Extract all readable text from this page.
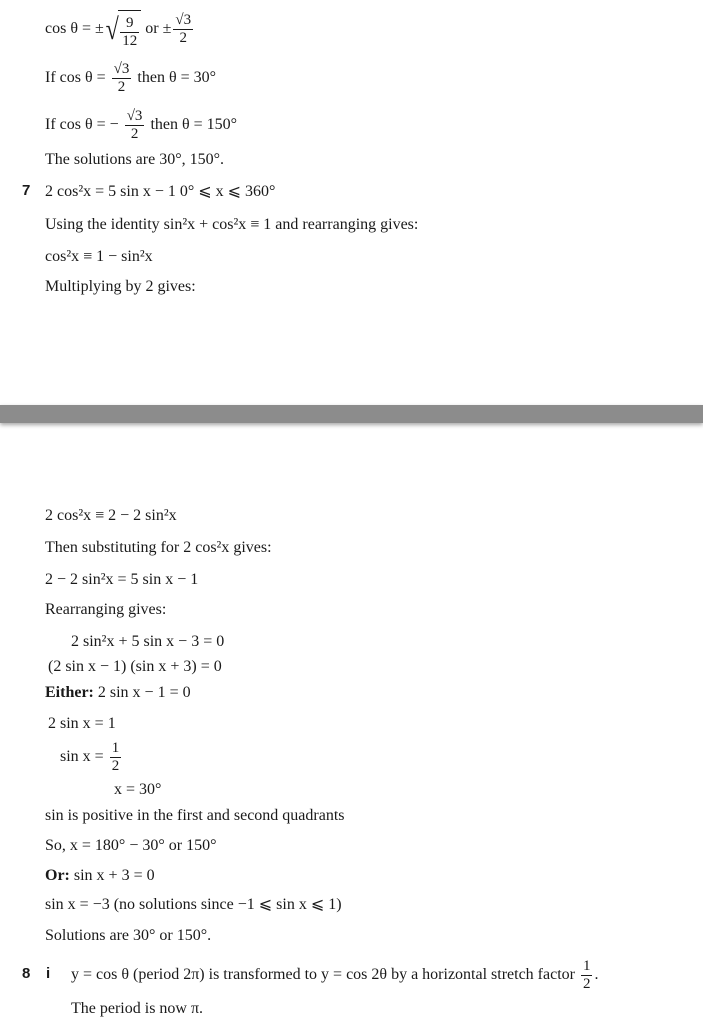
cos θ = ±√ $\frac{9}{12}$ or ± $\frac{√3}{2}$
If $\cos \theta = \frac{√3}{2}$ then θ = 30°
If cos θ = − $\frac{√3}{2}$ then θ = 150°
The solutions are 30°, 150°.
7 2 cos²x = 5 sin x − 1 0° ⩽ x ⩽ 360°
Using the identity sin²x + cos²x ≡ 1 and rearranging gives:
cos²x ≡ 1 − sin²x
Multiplying by 2 gives:
2 cos²x ≡ 2 − 2 sin²x
Then substituting for 2 cos²x gives:
2 − 2 sin²x = 5 sin x − 1
Rearranging gives:
2 sin²x + 5 sin x − 3 = 0
(2 sin x − 1) (sin x + 3) = 0
Either: 2 sin x − 1 = 0
2 sin x = 1
$\sin x = \frac{1}{2}$
x = 30°
sin is positive in the first and second quadrants
So, x = 180° − 30° or 150°
Or: sin x + 3 = 0
sin x = −3 (no solutions since −1 ⩽ sin x ⩽ 1)
Solutions are 30° or 150°.
8 i y = cos θ (period 2π) is transformed to y = cos 2θ by a horizontal stretch factor $\frac{1}{2}$ .
The period is now π.
